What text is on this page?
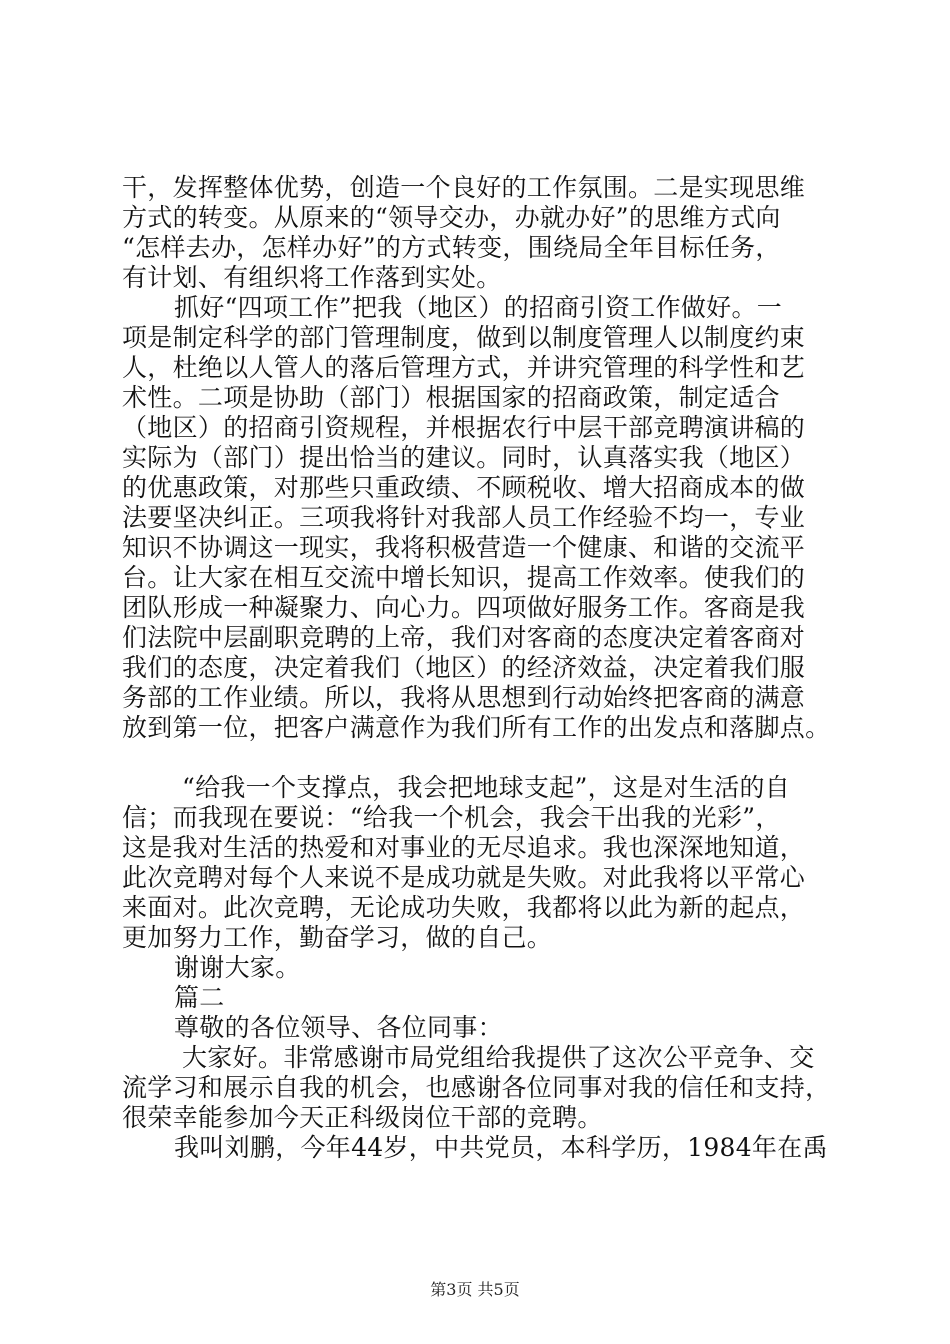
干，发挥整体优势，创造一个良好的工作氛围。二是实现思维
方式的转变。从原来的“领导交办，办就办好”的思维方式向
“怎样去办，怎样办好”的方式转变，围绕局全年目标任务，
有计划、有组织将工作落到实处。
抓好“四项工作”把我（地区）的招商引资工作做好。一
项是制定科学的部门管理制度，做到以制度管理人以制度约束
人，杜绝以人管人的落后管理方式，并讲究管理的科学性和艺
术性。二项是协助（部门）根据国家的招商政策，制定适合
（地区）的招商引资规程，并根据农行中层干部竞聘演讲稿的
实际为（部门）提出恰当的建议。同时，认真落实我（地区）
的优惠政策，对那些只重政绩、不顾税收、增大招商成本的做
法要坚决纠正。三项我将针对我部人员工作经验不均一，专业
知识不协调这一现实，我将积极营造一个健康、和谐的交流平
台。让大家在相互交流中增长知识，提高工作效率。使我们的
团队形成一种凝聚力、向心力。四项做好服务工作。客商是我
们法院中层副职竞聘的上帝，我们对客商的态度决定着客商对
我们的态度，决定着我们（地区）的经济效益，决定着我们服
务部的工作业绩。所以，我将从思想到行动始终把客商的满意
放到第一位，把客户满意作为我们所有工作的出发点和落脚点。
“给我一个支撑点，我会把地球支起”，这是对生活的自
信；而我现在要说：“给我一个机会，我会干出我的光彩”，
这是我对生活的热爱和对事业的无尽追求。我也深深地知道，
此次竞聘对每个人来说不是成功就是失败。对此我将以平常心
来面对。此次竞聘，无论成功失败，我都将以此为新的起点，
更加努力工作，勤奋学习，做的自己。
谢谢大家。
篇二
尊敬的各位领导、各位同事：
大家好。非常感谢市局党组给我提供了这次公平竞争、交
流学习和展示自我的机会，也感谢各位同事对我的信任和支持，
很荣幸能参加今天正科级岗位干部的竞聘。
我叫刘鹏，今年44岁，中共党员，本科学历，1984年在禹
第3页 共5页
